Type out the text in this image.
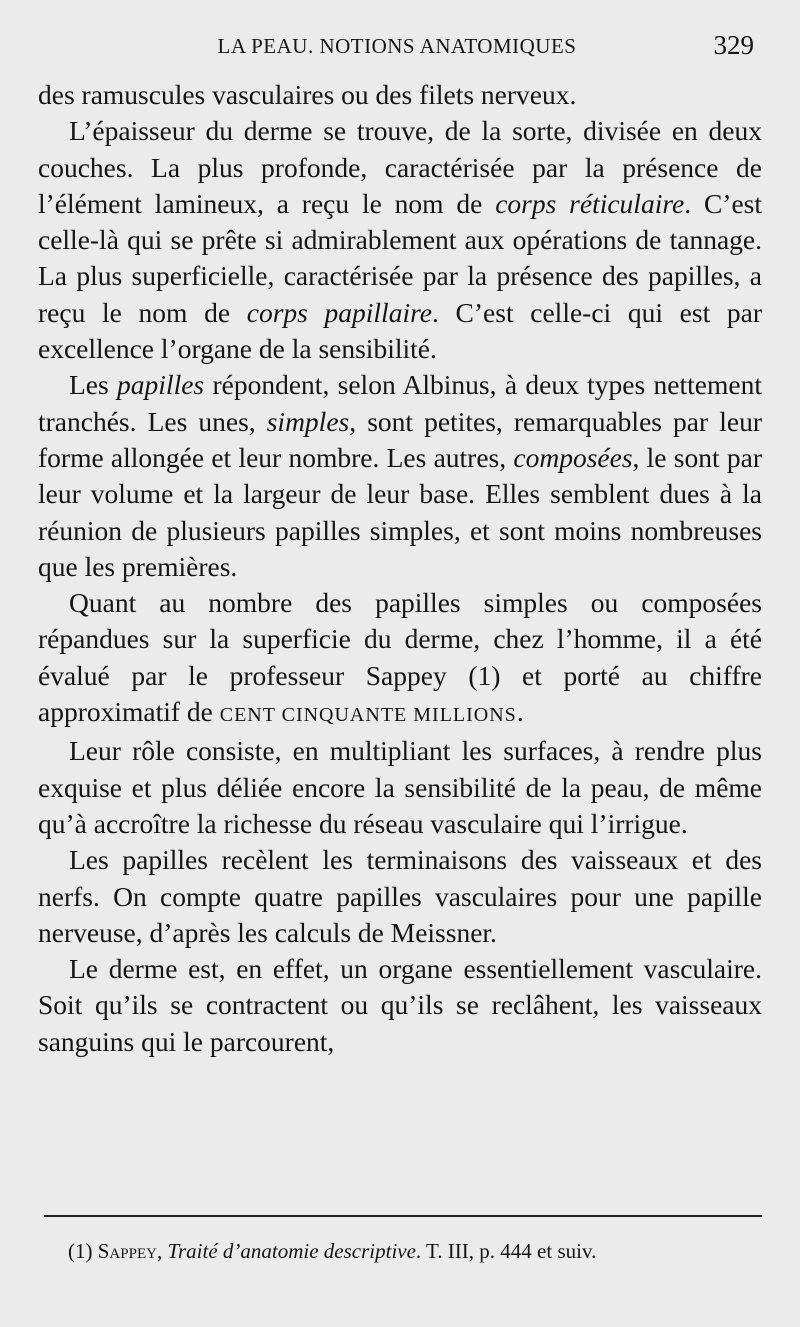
LA PEAU. NOTIONS ANATOMIQUES	329

des ramuscules vasculaires ou des filets nerveux.

L’épaisseur du derme se trouve, de la sorte, divisée en deux couches. La plus profonde, caractérisée par la présence de l’élément lamineux, a reçu le nom de corps réticulaire. C’est celle-là qui se prête si admirablement aux opérations de tannage. La plus superficielle, caractérisée par la présence des papilles, a reçu le nom de corps papillaire. C’est celle-ci qui est par excellence l’organe de la sensibilité.

Les papilles répondent, selon Albinus, à deux types nettement tranchés. Les unes, simples, sont petites, remarquables par leur forme allongée et leur nombre. Les autres, composées, le sont par leur volume et la largeur de leur base. Elles semblent dues à la réunion de plusieurs papilles simples, et sont moins nombreuses que les premières.

Quant au nombre des papilles simples ou composées répandues sur la superficie du derme, chez l’homme, il a été évalué par le professeur Sappey (1) et porté au chiffre approximatif de CENT CINQUANTE MILLIONS.

Leur rôle consiste, en multipliant les surfaces, à rendre plus exquise et plus déliée encore la sensibilité de la peau, de même qu’à accroître la richesse du réseau vasculaire qui l’irrigue.

Les papilles recèlent les terminaisons des vaisseaux et des nerfs. On compte quatre papilles vasculaires pour une papille nerveuse, d’après les calculs de Meissner.

Le derme est, en effet, un organe essentiellement vasculaire. Soit qu’ils se contractent ou qu’ils se reclâhent, les vaisseaux sanguins qui le parcourent,

(1) Sappey, Traité d’anatomie descriptive. T. III, p. 444 et suiv.
